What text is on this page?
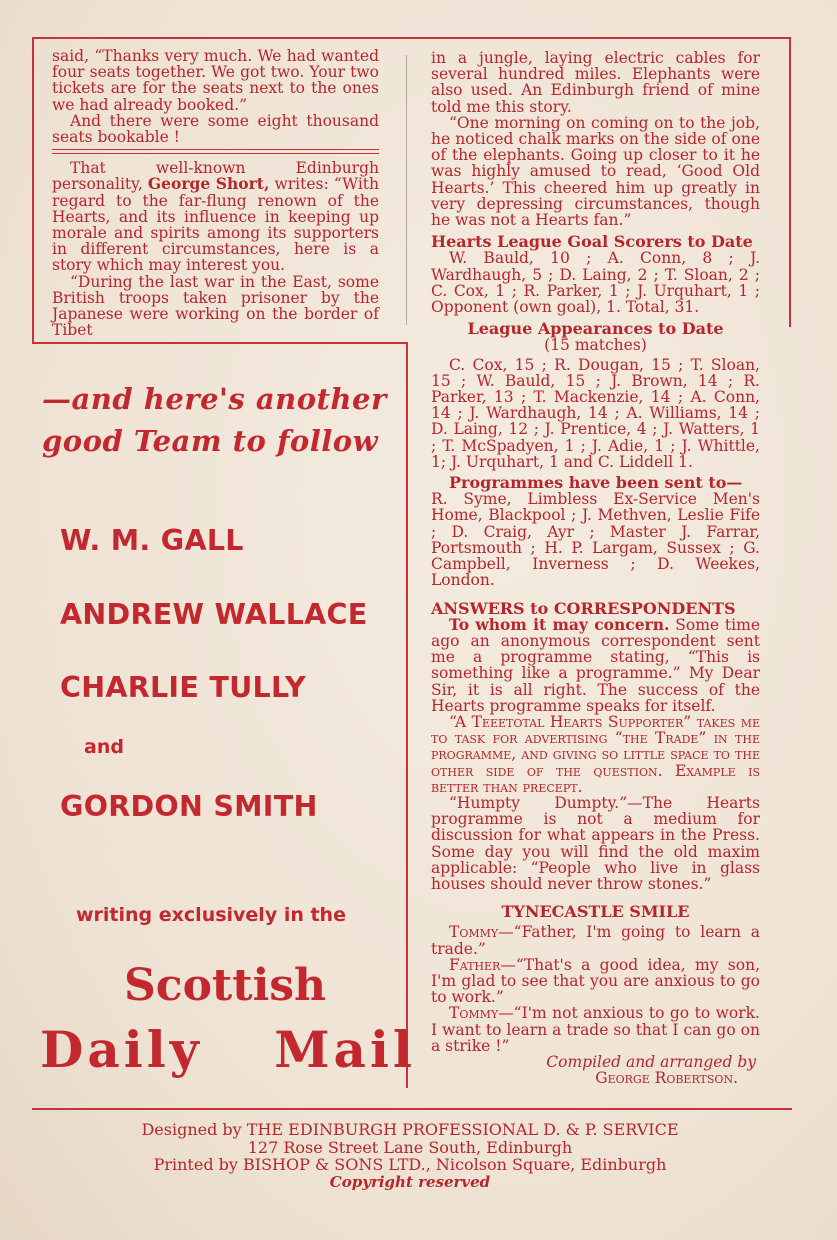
said, “Thanks very much. We had wanted four seats together. We got two. Your two tickets are for the seats next to the ones we had already booked.”

And there were some eight thousand seats bookable !

That well-known Edinburgh personality, George Short, writes: “With regard to the far-flung renown of the Hearts, and its influence in keeping up morale and spirits among its supporters in different circumstances, here is a story which may interest you.

“During the last war in the East, some British troops taken prisoner by the Japanese were working on the border of Tibet

in a jungle, laying electric cables for several hundred miles. Elephants were also used. An Edinburgh friend of mine told me this story.

“One morning on coming on to the job, he noticed chalk marks on the side of one of the elephants. Going up closer to it he was highly amused to read, ‘Good Old Hearts.’ This cheered him up greatly in very depressing circumstances, though he was not a Hearts fan.”

Hearts League Goal Scorers to Date

W. Bauld, 10 ; A. Conn, 8 ; J. Wardhaugh, 5 ; D. Laing, 2 ; T. Sloan, 2 ; C. Cox, 1 ; R. Parker, 1 ; J. Urquhart, 1 ; Opponent (own goal), 1. Total, 31.

League Appearances to Date

(15 matches)

C. Cox, 15 ; R. Dougan, 15 ; T. Sloan, 15 ; W. Bauld, 15 ; J. Brown, 14 ; R. Parker, 13 ; T. Mackenzie, 14 ; A. Conn, 14 ; J. Wardhaugh, 14 ; A. Williams, 14 ; D. Laing, 12 ; J. Prentice, 4 ; J. Watters, 1 ; T. McSpadyen, 1 ; J. Adie, 1 ; J. Whittle, 1; J. Urquhart, 1 and C. Liddell 1.

Programmes have been sent to—

R. Syme, Limbless Ex-Service Men's Home, Blackpool ; J. Methven, Leslie Fife ; D. Craig, Ayr ; Master J. Farrar, Portsmouth ; H. P. Largam, Sussex ; G. Campbell, Inverness ; D. Weekes, London.

ANSWERS to CORRESPONDENTS

To whom it may concern. Some time ago an anonymous correspondent sent me a programme stating, “This is something like a programme.” My Dear Sir, it is all right. The success of the Hearts programme speaks for itself.

“A Teeetotal Hearts Supporter” takes me to task for advertising “the Trade” in the programme, and giving so little space to the other side of the question. Example is better than precept.

“Humpty Dumpty.”—The Hearts programme is not a medium for discussion for what appears in the Press. Some day you will find the old maxim applicable: “People who live in glass houses should never throw stones.”

TYNECASTLE SMILE

Tommy—“Father, I'm going to learn a trade.”

Father—“That's a good idea, my son, I'm glad to see that you are anxious to go to work.”

Tommy—“I'm not anxious to go to work. I want to learn a trade so that I can go on a strike !”

Compiled and arranged by

George Robertson.

—and here's another
good Team to follow
W. M. GALL
ANDREW WALLACE
CHARLIE TULLY
and
GORDON SMITH
writing exclusively in the
Scottish
Daily Mail
Designed by THE EDINBURGH PROFESSIONAL D. & P. SERVICE
127 Rose Street Lane South, Edinburgh
Printed by BISHOP & SONS LTD., Nicolson Square, Edinburgh
Copyright reserved
